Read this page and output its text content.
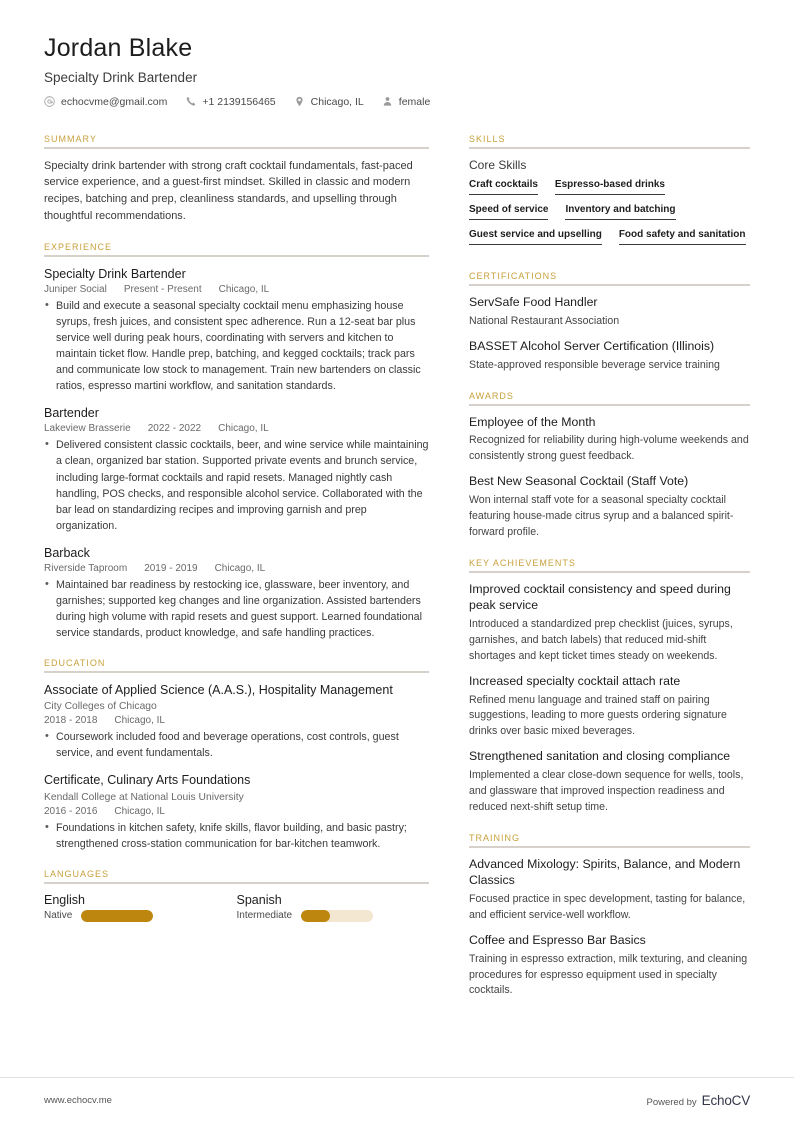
Jordan Blake
Specialty Drink Bartender
echocvme@gmail.com	+1 2139156465	Chicago, IL	female
SUMMARY
Specialty drink bartender with strong craft cocktail fundamentals, fast-paced service experience, and a guest-first mindset. Skilled in classic and modern recipes, batching and prep, cleanliness standards, and upselling through thoughtful recommendations.
EXPERIENCE
Specialty Drink Bartender
Juniper Social Present - Present Chicago, IL
• Build and execute a seasonal specialty cocktail menu emphasizing house syrups, fresh juices, and consistent spec adherence. Run a 12-seat bar plus service well during peak hours, coordinating with servers and kitchen to maintain ticket flow. Handle prep, batching, and kegged cocktails; track pars and communicate low stock to management. Train new bartenders on classic ratios, espresso martini workflow, and sanitation standards.
Bartender
Lakeview Brasserie 2022 - 2022 Chicago, IL
• Delivered consistent classic cocktails, beer, and wine service while maintaining a clean, organized bar station. Supported private events and brunch service, including large-format cocktails and rapid resets. Managed nightly cash handling, POS checks, and responsible alcohol service. Collaborated with the bar lead on standardizing recipes and improving garnish and prep organization.
Barback
Riverside Taproom 2019 - 2019 Chicago, IL
• Maintained bar readiness by restocking ice, glassware, beer inventory, and garnishes; supported keg changes and line organization. Assisted bartenders during high volume with rapid resets and guest support. Learned foundational service standards, product knowledge, and safe handling practices.
EDUCATION
Associate of Applied Science (A.A.S.), Hospitality Management
City Colleges of Chicago
2018 - 2018 Chicago, IL
• Coursework included food and beverage operations, cost controls, guest service, and event fundamentals.
Certificate, Culinary Arts Foundations
Kendall College at National Louis University
2016 - 2016 Chicago, IL
• Foundations in kitchen safety, knife skills, flavor building, and basic pastry; strengthened cross-station communication for bar-kitchen teamwork.
LANGUAGES
English
Native
Spanish
Intermediate
SKILLS
Core Skills
Craft cocktails Espresso-based drinks
Speed of service Inventory and batching
Guest service and upselling Food safety and sanitation
CERTIFICATIONS
ServSafe Food Handler
National Restaurant Association
BASSET Alcohol Server Certification (Illinois)
State-approved responsible beverage service training
AWARDS
Employee of the Month
Recognized for reliability during high-volume weekends and consistently strong guest feedback.
Best New Seasonal Cocktail (Staff Vote)
Won internal staff vote for a seasonal specialty cocktail featuring house-made citrus syrup and a balanced spirit-forward profile.
KEY ACHIEVEMENTS
Improved cocktail consistency and speed during peak service
Introduced a standardized prep checklist (juices, syrups, garnishes, and batch labels) that reduced mid-shift shortages and kept ticket times steady on weekends.
Increased specialty cocktail attach rate
Refined menu language and trained staff on pairing suggestions, leading to more guests ordering signature drinks over basic mixed beverages.
Strengthened sanitation and closing compliance
Implemented a clear close-down sequence for wells, tools, and glassware that improved inspection readiness and reduced next-shift setup time.
TRAINING
Advanced Mixology: Spirits, Balance, and Modern Classics
Focused practice in spec development, tasting for balance, and efficient service-well workflow.
Coffee and Espresso Bar Basics
Training in espresso extraction, milk texturing, and cleaning procedures for espresso equipment used in specialty cocktails.
www.echocv.me	Powered by EchoCV
